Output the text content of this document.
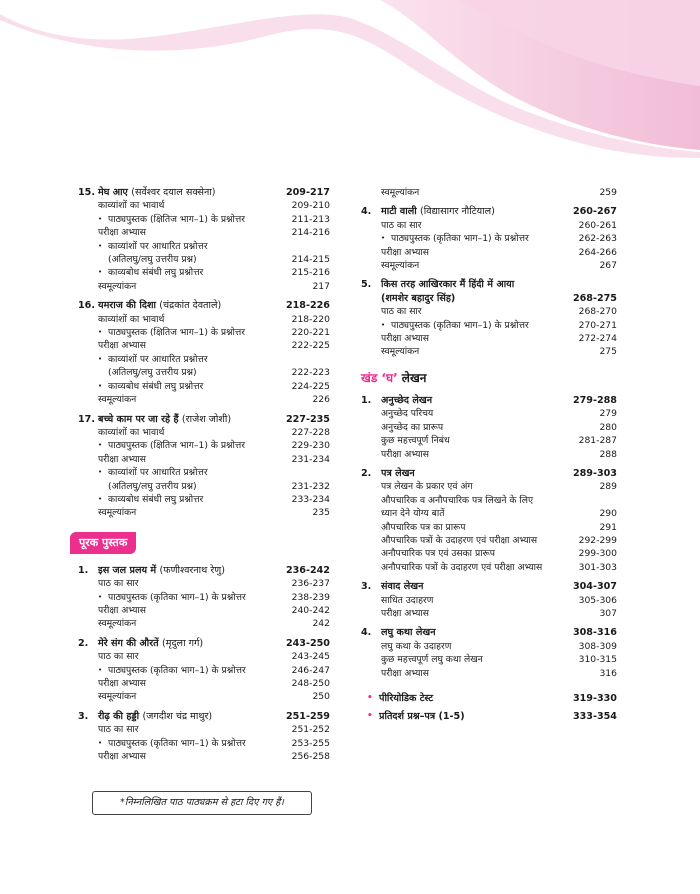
15. मेघ आए (सर्वेश्वर दयाल सक्सेना)	209-217
काव्यांशों का भावार्थ	209-210
• पाठ्यपुस्तक (क्षितिज भाग–1) के प्रश्नोत्तर	211-213
परीक्षा अभ्यास	214-216
• काव्यांशों पर आधारित प्रश्नोत्तर
(अतिलघु/लघु उत्तरीय प्रश्न)	214-215
• काव्यबोध संबंधी लघु प्रश्नोत्तर	215-216
स्वमूल्यांकन	217
16. यमराज की दिशा (चंद्रकांत देवताले)	218-226
काव्यांशों का भावार्थ	218-220
• पाठ्यपुस्तक (क्षितिज भाग–1) के प्रश्नोत्तर	220-221
परीक्षा अभ्यास	222-225
• काव्यांशों पर आधारित प्रश्नोत्तर
(अतिलघु/लघु उत्तरीय प्रश्न)	222-223
• काव्यबोध संबंधी लघु प्रश्नोत्तर	224-225
स्वमूल्यांकन	226
17. बच्चे काम पर जा रहे हैं (राजेश जोशी)	227-235
काव्यांशों का भावार्थ	227-228
• पाठ्यपुस्तक (क्षितिज भाग–1) के प्रश्नोत्तर	229-230
परीक्षा अभ्यास	231-234
• काव्यांशों पर आधारित प्रश्नोत्तर
(अतिलघु/लघु उत्तरीय प्रश्न)	231-232
• काव्यबोध संबंधी लघु प्रश्नोत्तर	233-234
स्वमूल्यांकन	235
पूरक पुस्तक
1. इस जल प्रलय में (फणीश्वरनाथ रेणु)	236-242
पाठ का सार	236-237
• पाठ्यपुस्तक (कृतिका भाग–1) के प्रश्नोत्तर	238-239
परीक्षा अभ्यास	240-242
स्वमूल्यांकन	242
2. मेरे संग की औरतें (मृदुला गर्ग)	243-250
पाठ का सार	243-245
• पाठ्यपुस्तक (कृतिका भाग–1) के प्रश्नोत्तर	246-247
परीक्षा अभ्यास	248-250
स्वमूल्यांकन	250
3. रीढ़ की हड्डी (जगदीश चंद्र माथुर)	251-259
पाठ का सार	251-252
• पाठ्यपुस्तक (कृतिका भाग–1) के प्रश्नोत्तर	253-255
परीक्षा अभ्यास	256-258
स्वमूल्यांकन	259
4. माटी वाली (विद्यासागर नौटियाल)	260-267
पाठ का सार	260-261
• पाठ्यपुस्तक (कृतिका भाग–1) के प्रश्नोत्तर	262-263
परीक्षा अभ्यास	264-266
स्वमूल्यांकन	267
5. किस तरह आखिरकार मैं हिंदी में आया
(शमशेर बहादुर सिंह)	268-275
पाठ का सार	268-270
• पाठ्यपुस्तक (कृतिका भाग–1) के प्रश्नोत्तर	270-271
परीक्षा अभ्यास	272-274
स्वमूल्यांकन	275
खंड ‘घ’ लेखन
1. अनुच्छेद लेखन	279-288
अनुच्छेद परिचय	279
अनुच्छेद का प्रारूप	280
कुछ महत्त्वपूर्ण निबंध	281-287
परीक्षा अभ्यास	288
2. पत्र लेखन	289-303
पत्र लेखन के प्रकार एवं अंग	289
औपचारिक व अनौपचारिक पत्र लिखने के लिए
ध्यान देने योग्य बातें	290
औपचारिक पत्र का प्रारूप	291
औपचारिक पत्रों के उदाहरण एवं परीक्षा अभ्यास	292-299
अनौपचारिक पत्र एवं उसका प्रारूप	299-300
अनौपचारिक पत्रों के उदाहरण एवं परीक्षा अभ्यास	301-303
3. संवाद लेखन	304-307
साधित उदाहरण	305-306
परीक्षा अभ्यास	307
4. लघु कथा लेखन	308-316
लघु कथा के उदाहरण	308-309
कुछ महत्त्वपूर्ण लघु कथा लेखन	310-315
परीक्षा अभ्यास	316
• पीरियोडिक टेस्ट	319-330
• प्रतिदर्श प्रश्न–पत्र (1-5)	333-354
*निम्नलिखित पाठ पाठ्यक्रम से हटा दिए गए हैं।
